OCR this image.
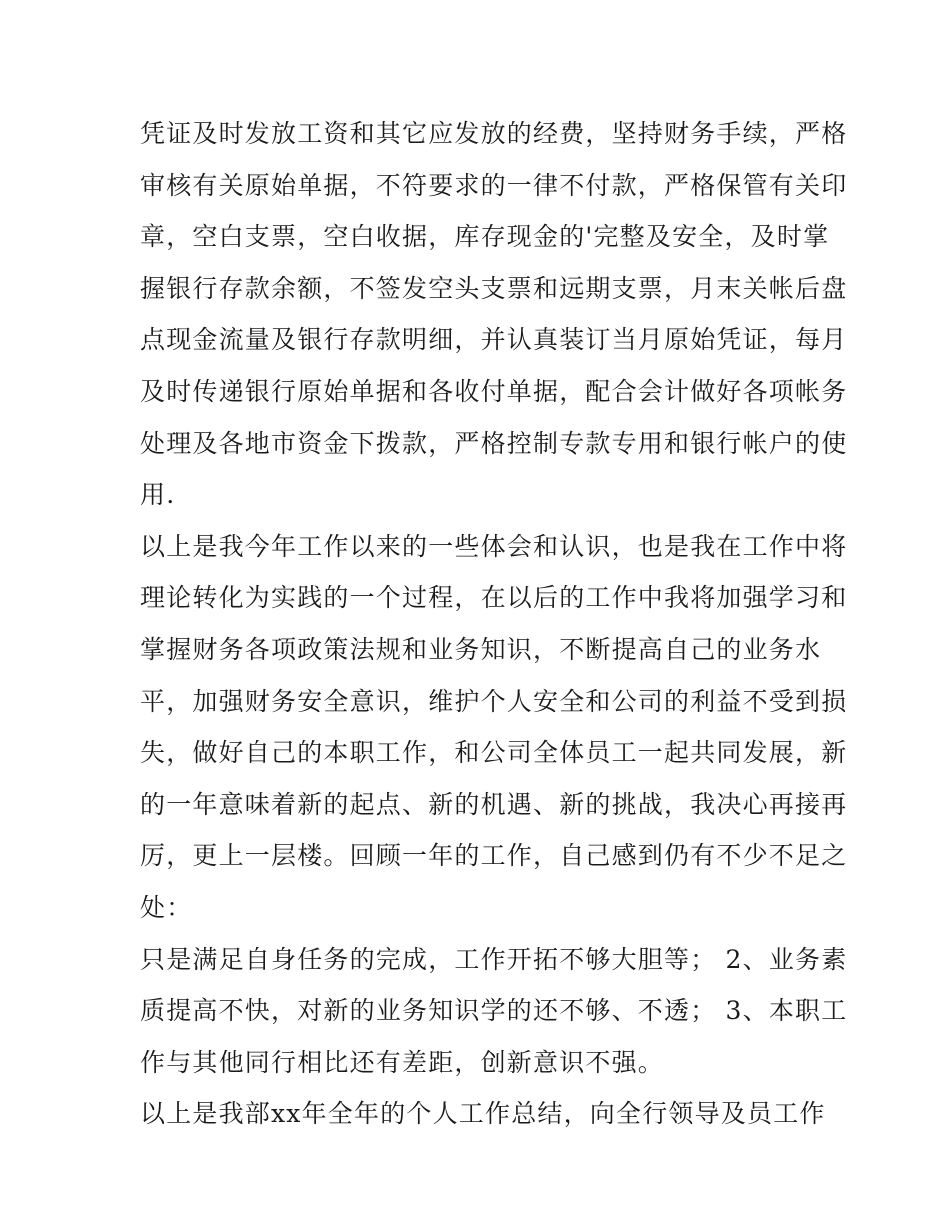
凭证及时发放工资和其它应发放的经费，坚持财务手续，严格
审核有关原始单据，不符要求的一律不付款，严格保管有关印
章，空白支票，空白收据，库存现金的'完整及安全，及时掌
握银行存款余额，不签发空头支票和远期支票，月末关帐后盘
点现金流量及银行存款明细，并认真装订当月原始凭证，每月
及时传递银行原始单据和各收付单据，配合会计做好各项帐务
处理及各地市资金下拨款，严格控制专款专用和银行帐户的使
用.
以上是我今年工作以来的一些体会和认识，也是我在工作中将
理论转化为实践的一个过程，在以后的工作中我将加强学习和
掌握财务各项政策法规和业务知识，不断提高自己的业务水
平，加强财务安全意识，维护个人安全和公司的利益不受到损
失，做好自己的本职工作，和公司全体员工一起共同发展，新
的一年意味着新的起点、新的机遇、新的挑战，我决心再接再
厉，更上一层楼。回顾一年的工作，自己感到仍有不少不足之
处：
只是满足自身任务的完成，工作开拓不够大胆等； 2、业务素
质提高不快，对新的业务知识学的还不够、不透； 3、本职工
作与其他同行相比还有差距，创新意识不强。
以上是我部xx年全年的个人工作总结，向全行领导及员工作
